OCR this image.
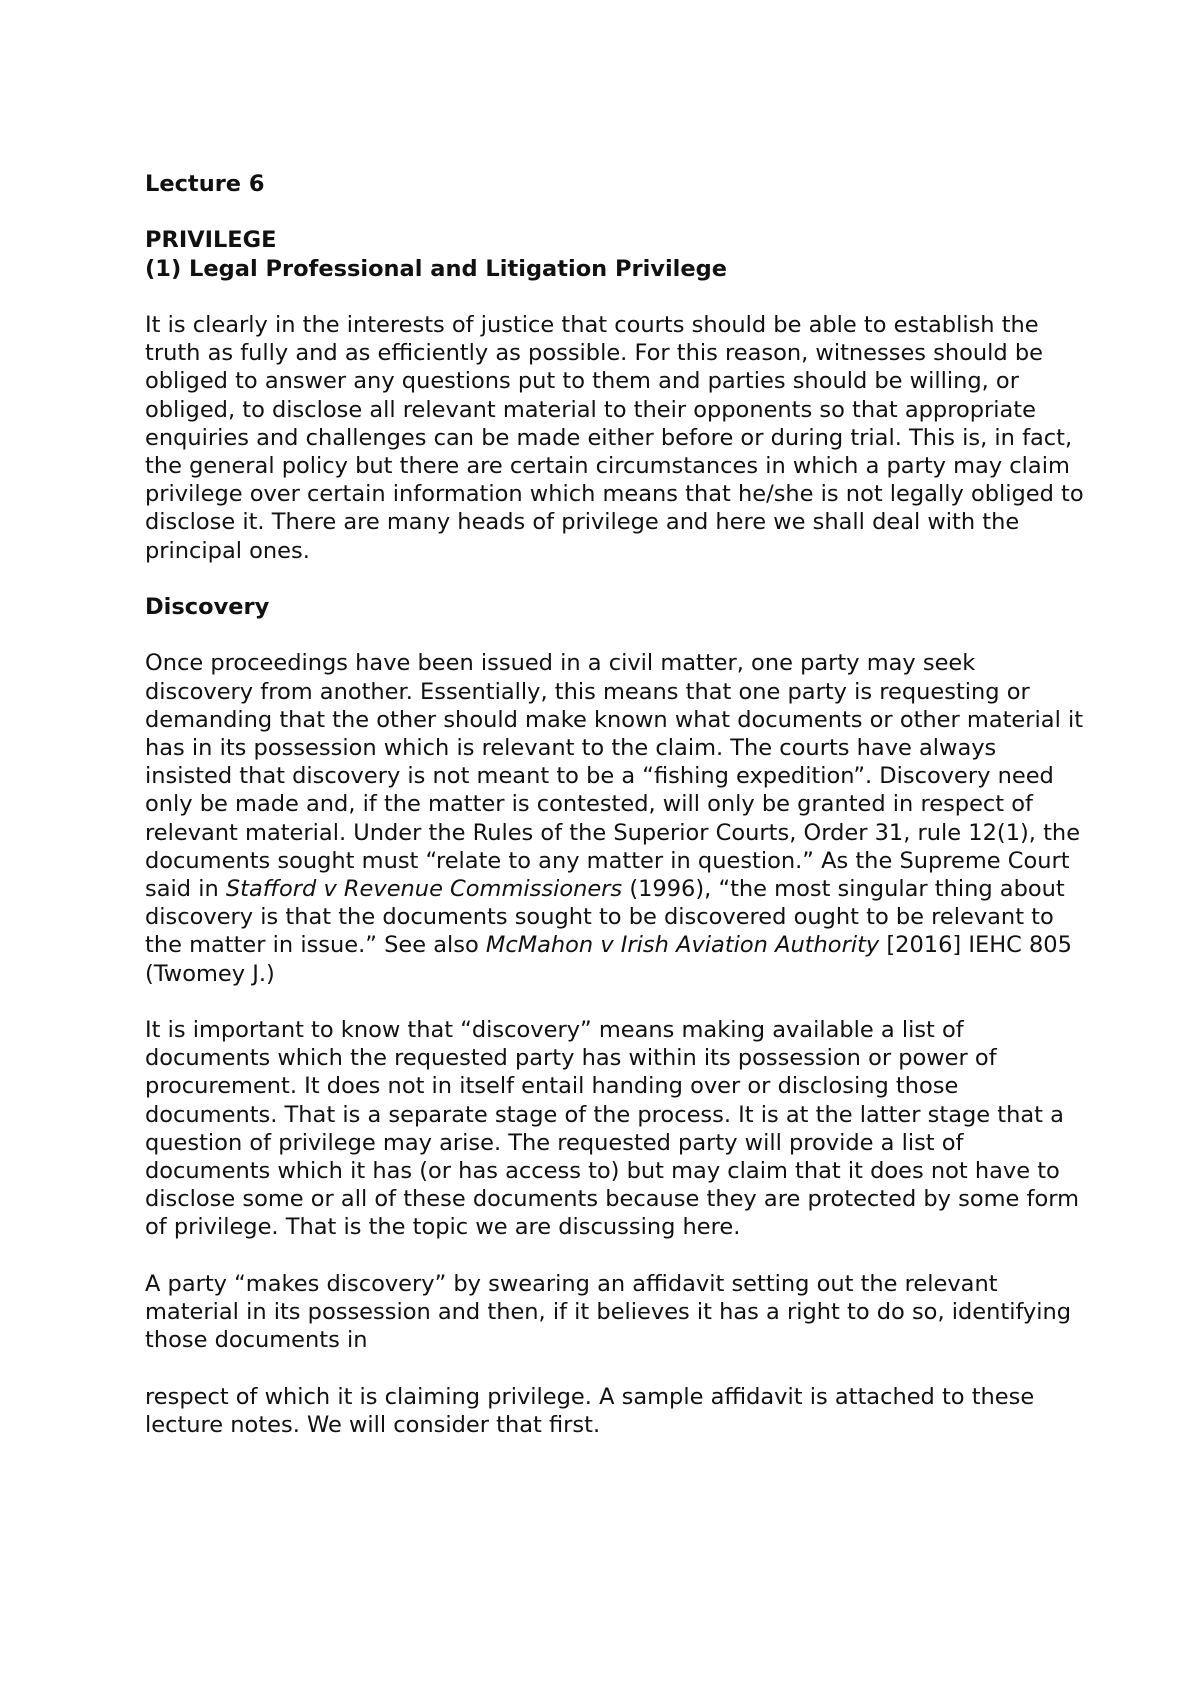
Lecture 6

PRIVILEGE

(1) Legal Professional and Litigation Privilege

It is clearly in the interests of justice that courts should be able to establish the truth as fully and as efficiently as possible. For this reason, witnesses should be obliged to answer any questions put to them and parties should be willing, or obliged, to disclose all relevant material to their opponents so that appropriate enquiries and challenges can be made either before or during trial. This is, in fact, the general policy but there are certain circumstances in which a party may claim privilege over certain information which means that he/she is not legally obliged to disclose it. There are many heads of privilege and here we shall deal with the principal ones.

Discovery

Once proceedings have been issued in a civil matter, one party may seek discovery from another. Essentially, this means that one party is requesting or demanding that the other should make known what documents or other material it has in its possession which is relevant to the claim. The courts have always insisted that discovery is not meant to be a “fishing expedition”. Discovery need only be made and, if the matter is contested, will only be granted in respect of relevant material. Under the Rules of the Superior Courts, Order 31, rule 12(1), the documents sought must “relate to any matter in question.” As the Supreme Court said in Stafford v Revenue Commissioners (1996), “the most singular thing about discovery is that the documents sought to be discovered ought to be relevant to the matter in issue.” See also McMahon v Irish Aviation Authority [2016] IEHC 805 (Twomey J.)

It is important to know that “discovery” means making available a list of documents which the requested party has within its possession or power of procurement. It does not in itself entail handing over or disclosing those documents. That is a separate stage of the process. It is at the latter stage that a question of privilege may arise. The requested party will provide a list of documents which it has (or has access to) but may claim that it does not have to disclose some or all of these documents because they are protected by some form of privilege. That is the topic we are discussing here.

A party “makes discovery” by swearing an affidavit setting out the relevant material in its possession and then, if it believes it has a right to do so, identifying those documents in

respect of which it is claiming privilege. A sample affidavit is attached to these lecture notes. We will consider that first.
